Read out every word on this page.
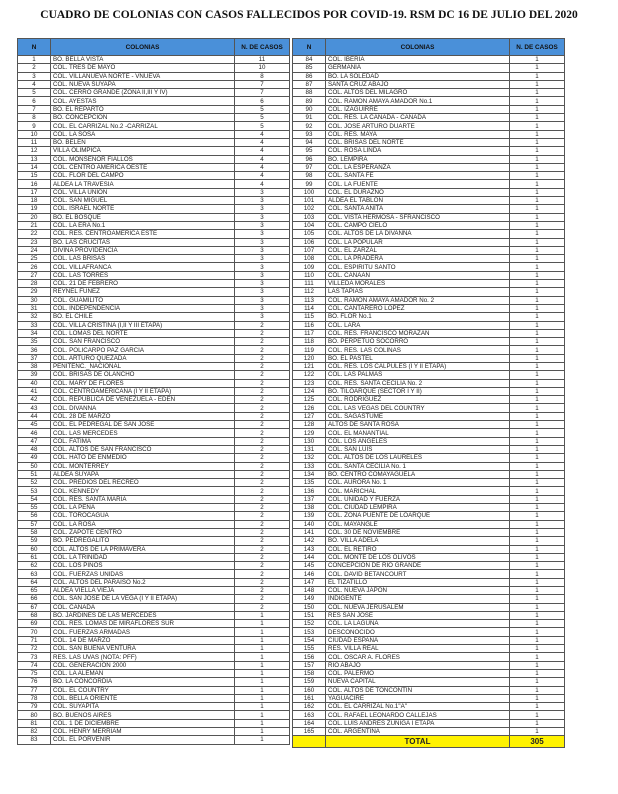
CUADRO DE COLONIAS CON CASOS FALLECIDOS POR COVID-19. RSM DC 16 DE JULIO DEL 2020
N	COLONIAS	N. DE CASOS
1	BO. BELLA VISTA	11
2	COL. TRES DE MAYO	10
3	COL. VILLANUEVA NORTE - VNUEVA	8
4	COL. NUEVA SUYAPA	7
5	COL. CERRO GRANDE (ZONA II,III Y IV)	7
6	COL. AYESTAS	6
7	BO. EL REPARTO	5
8	BO. CONCEPCION	5
9	COL. EL CARRIZAL No.2 -CARRIZAL	5
10	COL. LA SOSA	4
11	BO. BELEN	4
12	VILLA OLIMPICA	4
13	COL. MONSEÑOR FIALLOS	4
14	COL. CENTRO AMERICA OESTE	4
15	COL. FLOR DEL CAMPO	4
16	ALDEA LA TRAVESIA	4
17	COL. VILLA UNION	3
18	COL. SAN MIGUEL	3
19	COL. ISRAEL NORTE	3
20	BO. EL BOSQUE	3
21	COL. LA ERA No.1	3
22	COL. RES. CENTROAMERICA ESTE	3
23	BO. LAS CRUCITAS	3
24	DIVINA PROVIDENCIA	3
25	COL. LAS BRISAS	3
26	COL. VILLAFRANCA	3
27	COL. LAS TORRES	3
28	COL. 21 DE FEBRERO	3
29	REYNEL FUNEZ	3
30	COL. GUAMILITO	3
31	COL. INDEPENDENCIA	3
32	BO. EL CHILE	3
33	COL. VILLA CRISTINA (I,II Y III ETAPA)	2
34	COL. LOMAS DEL NORTE	2
35	COL. SAN FRANCISCO	2
36	COL. POLICARPO PAZ GARCIA	2
37	COL. ARTURO QUEZADA	2
38	PENITENC._NACIONAL	2
39	COL. BRISAS DE OLANCHO	2
40	COL. MARY DE FLORES	2
41	COL. CENTROAMERICANA (I Y II ETAPA)	2
42	COL. REPUBLICA DE VENEZUELA - EDEN	2
43	COL. DIVANNA	2
44	COL. 28 DE MARZO	2
45	COL. EL PEDREGAL DE SAN JOSE	2
46	COL. LAS MERCEDES	2
47	COL. FATIMA	2
48	COL. ALTOS DE SAN FRANCISCO	2
49	COL. HATO DE ENMEDIO	2
50	COL. MONTERREY	2
51	ALDEA SUYAPA	2
52	COL. PREDIOS DEL RECREO	2
53	COL. KENNEDY	2
54	COL. RES. SANTA MARIA	2
55	COL. LA PEÑA	2
56	COL. TOROCAGUA	2
57	COL. LA ROSA	2
58	COL. ZAPOTE CENTRO	2
59	BO. PEDREGALITO	2
60	COL. ALTOS DE LA PRIMAVERA	2
61	COL. LA TRINIDAD	2
62	COL. LOS PINOS	2
63	COL. FUERZAS UNIDAS	2
64	COL. ALTOS DEL PARAISO No.2	2
65	ALDEA VIELLA VIEJA	2
66	COL. SAN JOSE DE LA VEGA (I Y II ETAPA)	2
67	COL. CANADA	2
68	BO. JARDINES DE LAS MERCEDES	1
69	COL. RES. LOMAS DE MIRAFLORES SUR	1
70	COL. FUERZAS ARMADAS	1
71	COL. 14 DE MARZO	1
72	COL. SAN BUENA VENTURA	1
73	RES. LAS UVAS (NOTA: PFF)	1
74	COL. GENERACION 2000	1
75	COL. LA ALEMAN	1
76	BO. LA CONCORDIA	1
77	COL. EL COUNTRY	1
78	COL. BELLA ORIENTE	1
79	COL. SUYAPITA	1
80	BO. BUENOS AIRES	1
81	COL. 1 DE DICIEMBRE	1
82	COL. HENRY MERRIAM	1
83	COL. EL PORVENIR	1
N	COLONIAS	N. DE CASOS
84	COL. IBERIA	1
85	GERMANIA	1
86	BO. LA SOLEDAD	1
87	SANTA CRUZ ABAJO	1
88	COL. ALTOS DEL MILAGRO	1
89	COL. RAMON AMAYA AMADOR No.1	1
90	COL. IZAGUIRRE	1
91	COL. RES. LA CAÑADA - CAÑADA	1
92	COL. JOSE ARTURO DUARTE	1
93	COL. RES. MAYA	1
94	COL. BRISAS DEL NORTE	1
95	COL. ROSA LINDA	1
96	BO. LEMPIRA	1
97	COL. LA ESPERANZA	1
98	COL. SANTA FE	1
99	COL. LA FUENTE	1
100	COL. EL DURAZNO	1
101	ALDEA EL TABLON	1
102	COL. SANTA ANITA	1
103	COL. VISTA HERMOSA - SFRANCISCO	1
104	COL. CAMPO CIELO	1
105	COL. ALTOS DE LA DIVANNA	1
106	COL. LA POPULAR	1
107	COL. EL ZARZAL	1
108	COL. LA PRADERA	1
109	COL. ESPIRITU SANTO	1
110	COL. CANAAN	1
111	VILLEDA MORALES	1
112	LAS TAPIAS	1
113	COL. RAMON AMAYA AMADOR No. 2	1
114	COL. CANTARERO LOPEZ	1
115	BO. FLOR No.1	1
116	COL. LARA	1
117	COL. RES. FRANCISCO MORAZAN	1
118	BO. PERPETUO SOCORRO	1
119	COL. RES. LAS COLINAS	1
120	BO. EL PASTEL	1
121	COL. RES. LOS CALPULES (I Y II ETAPA)	1
122	COL. LAS PALMAS	1
123	COL. RES. SANTA CECILIA No. 2	1
124	BO. TILOARQUE (SECTOR I Y II)	1
125	COL. RODRIGUEZ	1
126	COL. LAS VEGAS DEL COUNTRY	1
127	COL. SAGASTUME	1
128	ALTOS DE SANTA ROSA	1
129	COL. EL MANANTIAL	1
130	COL. LOS ANGELES	1
131	COL. SAN LUIS	1
132	COL. ALTOS DE LOS LAURELES	1
133	COL. SANTA CECILIA No. 1	1
134	BO. CENTRO COMAYAGÜELA	1
135	COL. AURORA No. 1	1
136	COL. MARICHAL	1
137	COL. UNIDAD Y FUERZA	1
138	COL. CIUDAD LEMPIRA	1
139	COL. ZONA PUENTE DE LOARQUE	1
140	COL. MAYANGLE	1
141	COL. 30 DE NOVIEMBRE	1
142	BO. VILLA ADELA	1
143	COL. EL RETIRO	1
144	COL. MONTE DE LOS OLIVOS	1
145	CONCEPCION DE RIO GRANDE	1
146	COL. DAVID BETANCOURT	1
147	EL TIZATILLO	1
148	COL. NUEVA JAPON	1
149	INDIGENTE	1
150	COL. NUEVA JERUSALEM	1
151	RES SAN JOSE	1
152	COL. LA LAGUNA	1
153	DESCONOCIDO	1
154	CIUDAD ESPAÑA	1
155	RES. VILLA REAL	1
156	COL. OSCAR A. FLORES	1
157	RIO ABAJO	1
158	COL. PALERMO	1
159	NUEVA CAPITAL	1
160	COL. ALTOS DE TONCONTIN	1
161	YAGUACIRE	1
162	COL. EL CARRIZAL No.1"A"	1
163	COL. RAFAEL LEONARDO CALLEJAS	1
164	COL. LUIS ANDRES ZUNIGA I ETAPA	1
165	COL. ARGENTINA	1
	TOTAL	305
